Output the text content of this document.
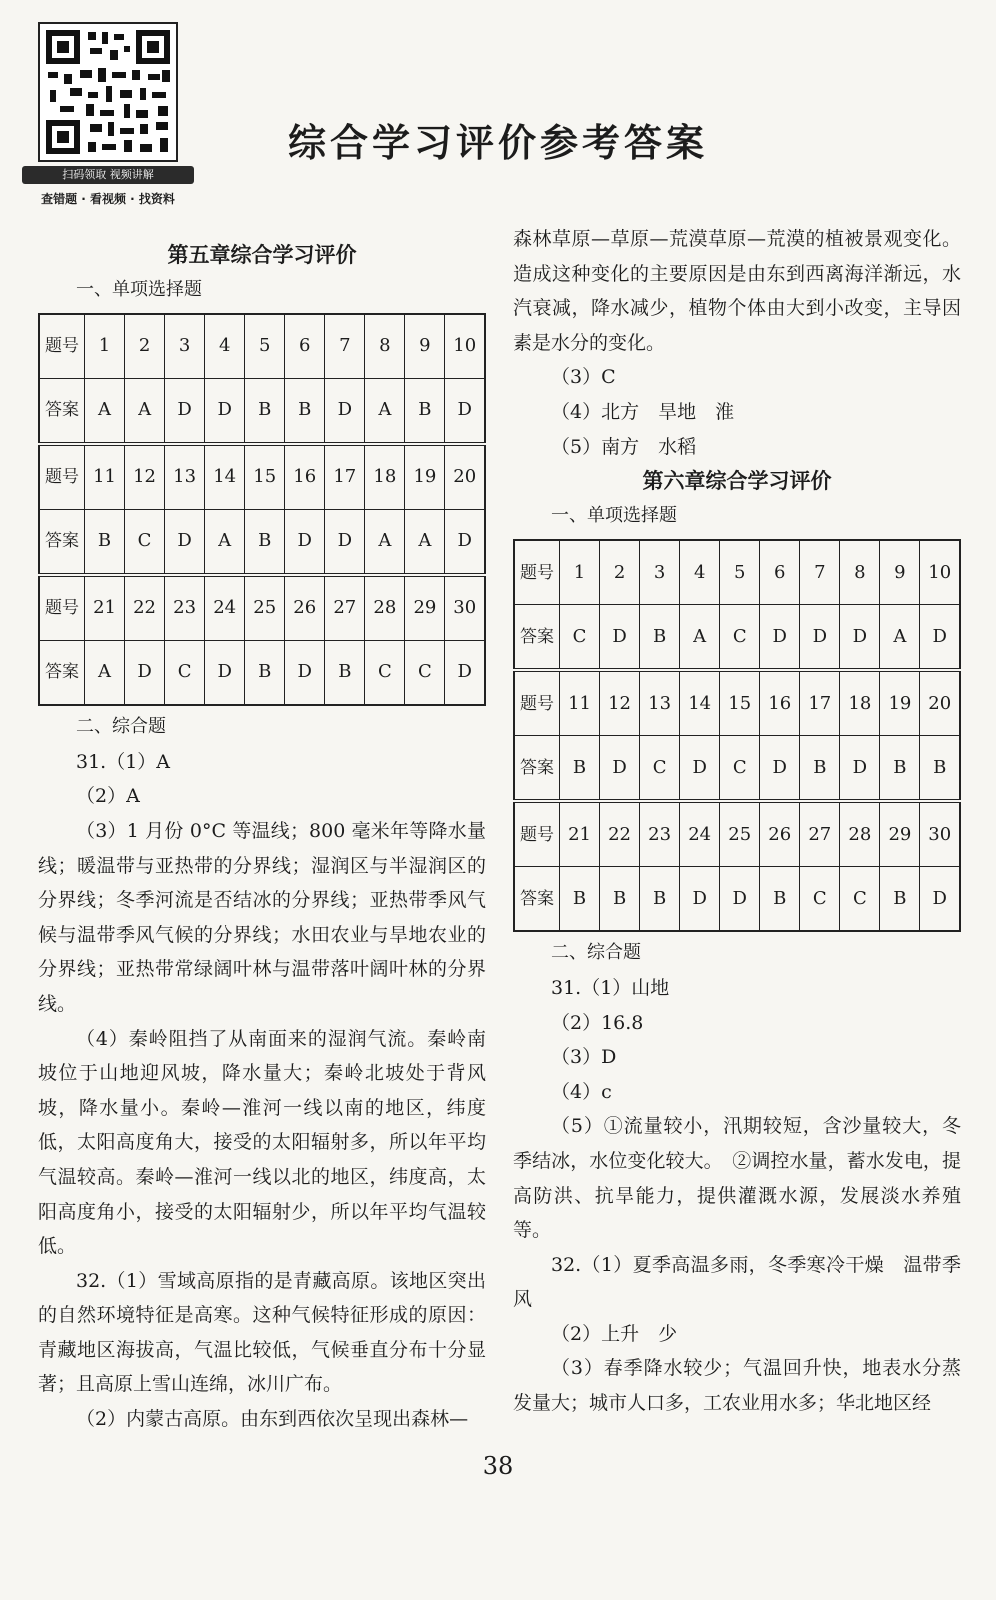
扫码领取 视频讲解
查错题 · 看视频 · 找资料
综合学习评价参考答案
第五章综合学习评价

一、单项选择题

题号	1	2	3	4	5	6	7	8	9	10
答案	A	A	D	D	B	B	D	A	B	D
题号	11	12	13	14	15	16	17	18	19	20
答案	B	C	D	A	B	D	D	A	A	D
题号	21	22	23	24	25	26	27	28	29	30
答案	A	D	C	D	B	D	B	C	C	D

二、综合题

31.（1）A

（2）A

（3）1 月份 0°C 等温线；800 毫米年等降水量线；暖温带与亚热带的分界线；湿润区与半湿润区的分界线；冬季河流是否结冰的分界线；亚热带季风气候与温带季风气候的分界线；水田农业与旱地农业的分界线；亚热带常绿阔叶林与温带落叶阔叶林的分界线。

（4）秦岭阻挡了从南面来的湿润气流。秦岭南坡位于山地迎风坡，降水量大；秦岭北坡处于背风坡，降水量小。秦岭—淮河一线以南的地区，纬度低，太阳高度角大，接受的太阳辐射多，所以年平均气温较高。秦岭—淮河一线以北的地区，纬度高，太阳高度角小，接受的太阳辐射少，所以年平均气温较低。

32.（1）雪域高原指的是青藏高原。该地区突出的自然环境特征是高寒。这种气候特征形成的原因：青藏地区海拔高，气温比较低，气候垂直分布十分显著；且高原上雪山连绵，冰川广布。

（2）内蒙古高原。由东到西依次呈现出森林—

森林草原—草原—荒漠草原—荒漠的植被景观变化。造成这种变化的主要原因是由东到西离海洋渐远，水汽衰减，降水减少，植物个体由大到小改变，主导因素是水分的变化。

（3）C

（4）北方　旱地　淮

（5）南方　水稻

第六章综合学习评价

一、单项选择题

题号	1	2	3	4	5	6	7	8	9	10
答案	C	D	B	A	C	D	D	D	A	D
题号	11	12	13	14	15	16	17	18	19	20
答案	B	D	C	D	C	D	B	D	B	B
题号	21	22	23	24	25	26	27	28	29	30
答案	B	B	B	D	D	B	C	C	B	D

二、综合题

31.（1）山地

（2）16.8

（3）D

（4）c

（5）①流量较小，汛期较短，含沙量较大，冬季结冰，水位变化较大。　②调控水量，蓄水发电，提高防洪、抗旱能力，提供灌溉水源，发展淡水养殖等。

32.（1）夏季高温多雨，冬季寒冷干燥　温带季风

（2）上升　少

（3）春季降水较少；气温回升快，地表水分蒸发量大；城市人口多，工农业用水多；华北地区经

38
